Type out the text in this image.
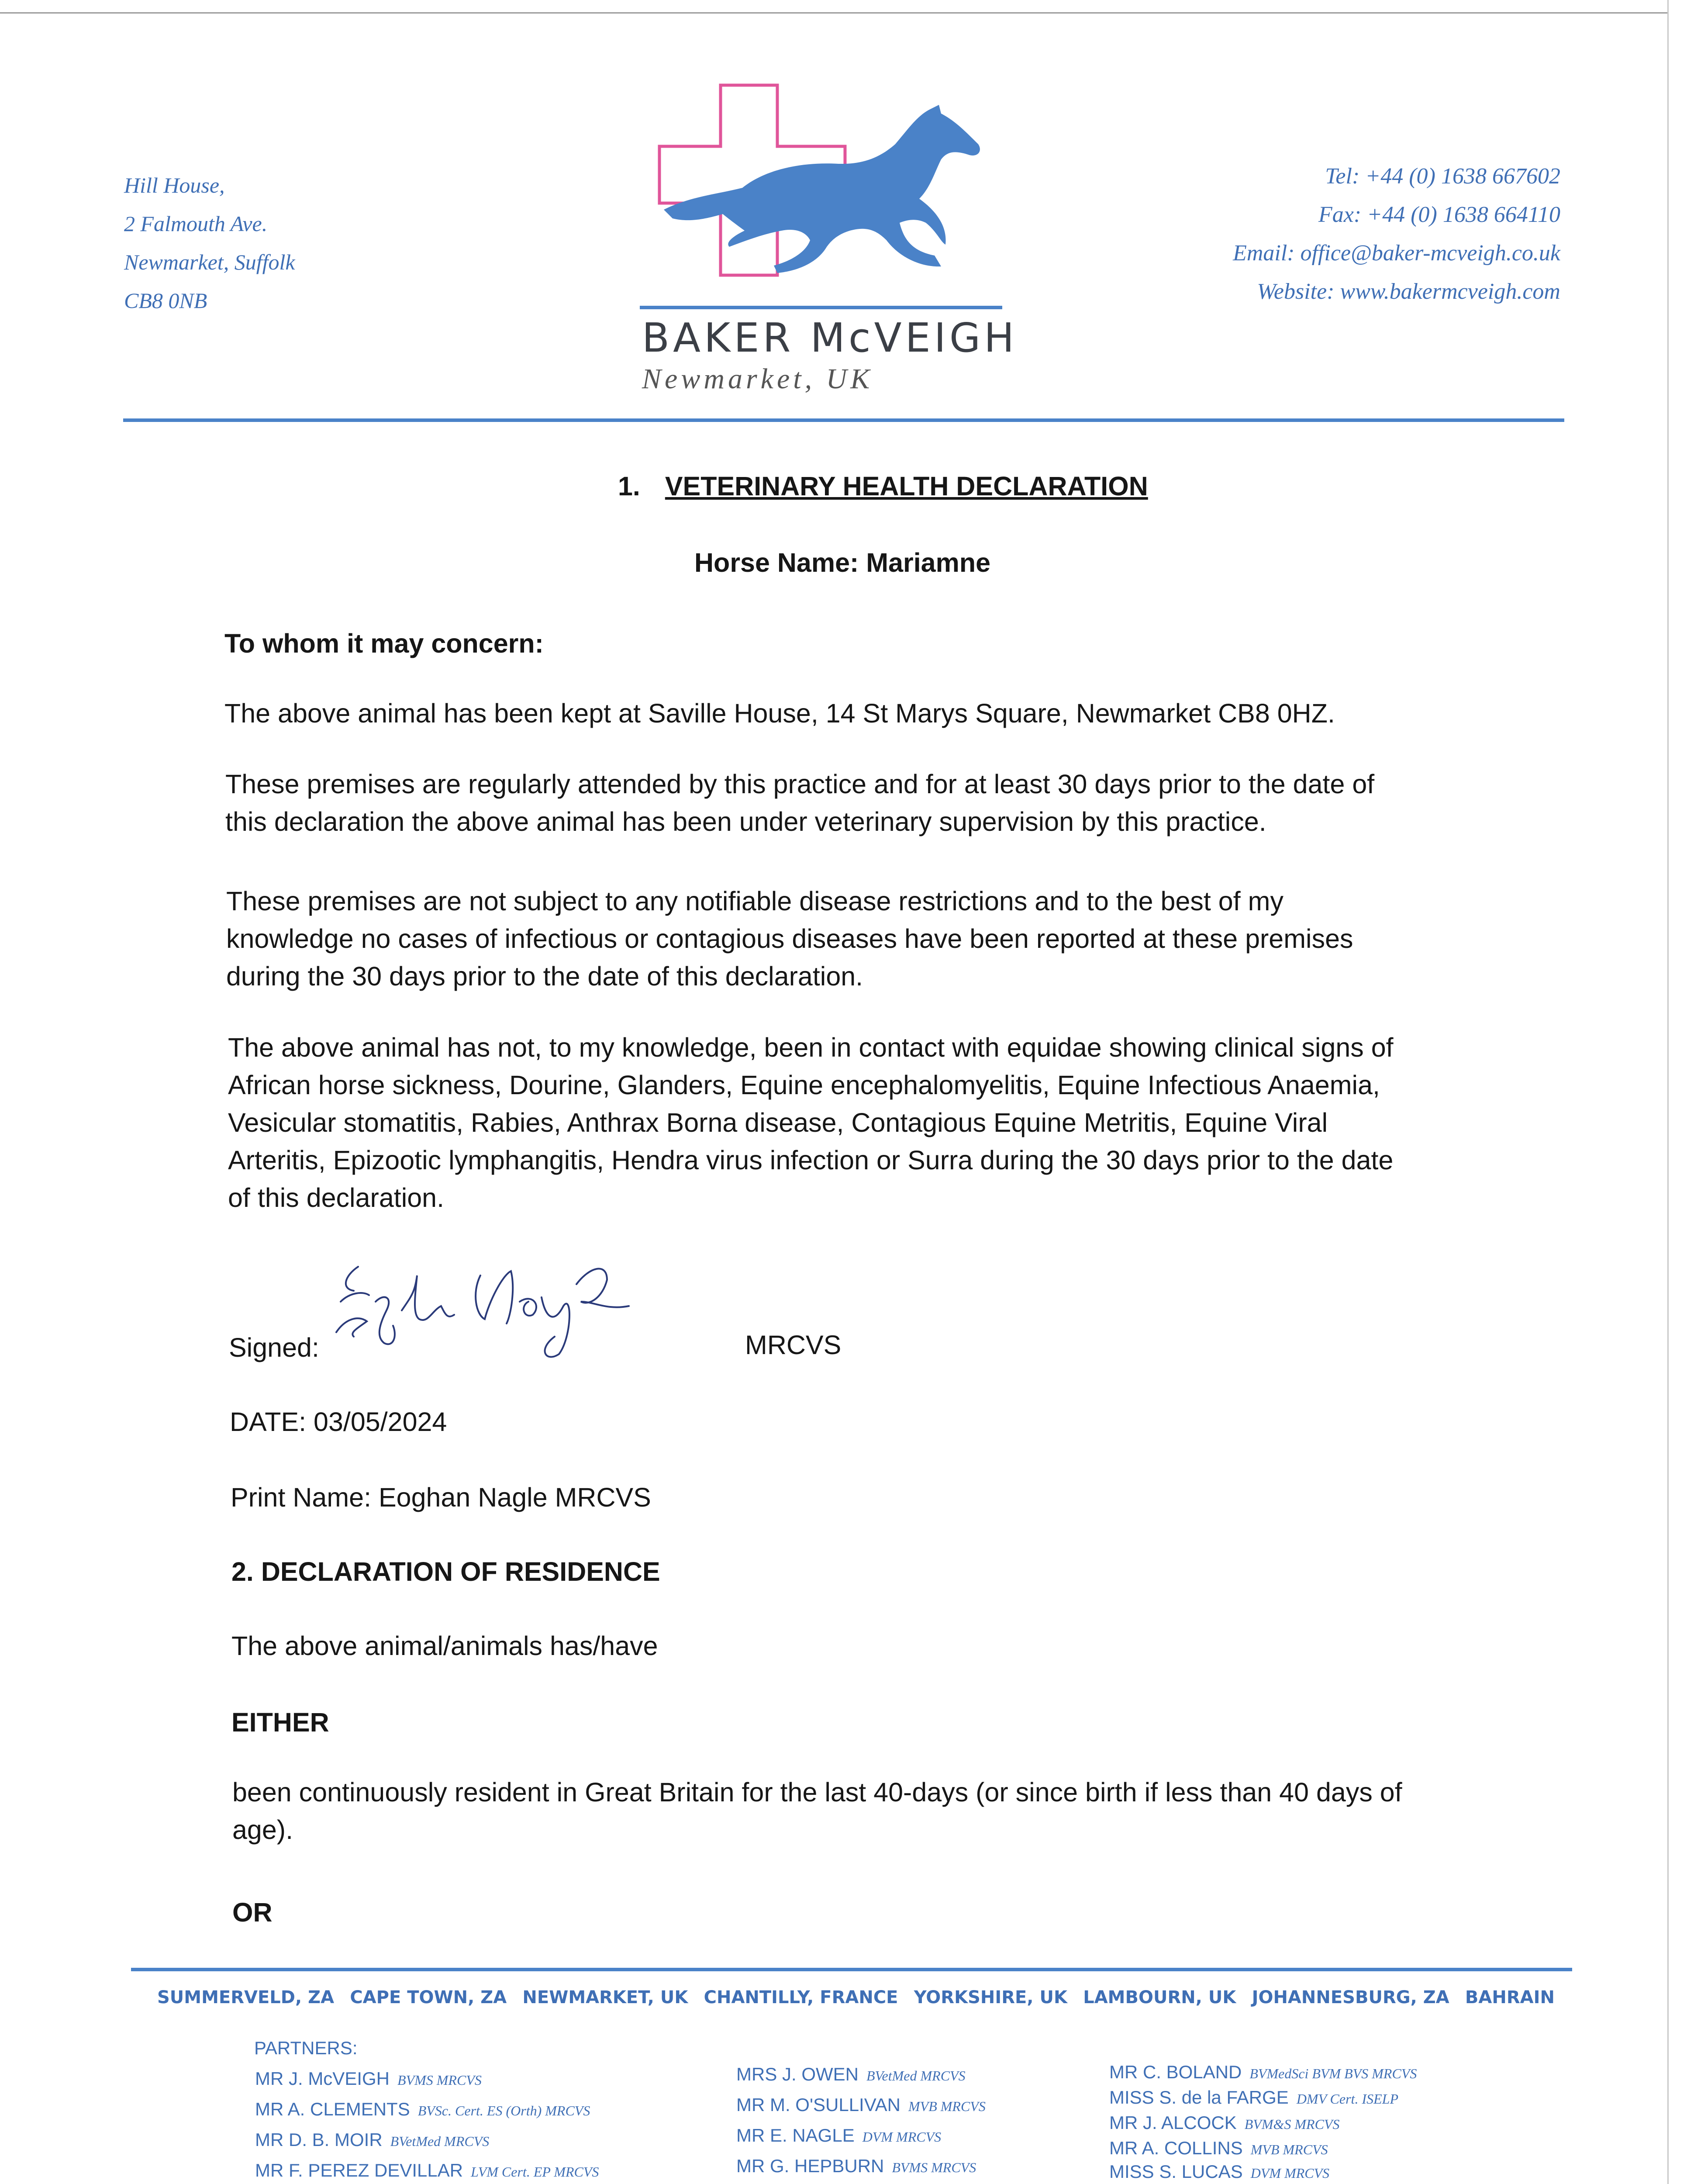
Hill House,
2 Falmouth Ave.
Newmarket, Suffolk
CB8 0NB
BAKER McVEIGH
Newmarket, UK
Tel: +44 (0) 1638 667602
Fax: +44 (0) 1638 664110
Email: office@baker-mcveigh.co.uk
Website: www.bakermcveigh.com
1. VETERINARY HEALTH DECLARATION
Horse Name: Mariamne
To whom it may concern:
The above animal has been kept at Saville House, 14 St Marys Square, Newmarket CB8 0HZ.
These premises are regularly attended by this practice and for at least 30 days prior to the date of
this declaration the above animal has been under veterinary supervision by this practice.
These premises are not subject to any notifiable disease restrictions and to the best of my
knowledge no cases of infectious or contagious diseases have been reported at these premises
during the 30 days prior to the date of this declaration.
The above animal has not, to my knowledge, been in contact with equidae showing clinical signs of
African horse sickness, Dourine, Glanders, Equine encephalomyelitis, Equine Infectious Anaemia,
Vesicular stomatitis, Rabies, Anthrax Borna disease, Contagious Equine Metritis, Equine Viral
Arteritis, Epizootic lymphangitis, Hendra virus infection or Surra during the 30 days prior to the date
of this declaration.
Signed:	MRCVS
DATE: 03/05/2024
Print Name: Eoghan Nagle MRCVS
2. DECLARATION OF RESIDENCE
The above animal/animals has/have
EITHER
been continuously resident in Great Britain for the last 40-days (or since birth if less than 40 days of
age).
OR
SUMMERVELD, ZA CAPE TOWN, ZA NEWMARKET, UK CHANTILLY, FRANCE YORKSHIRE, UK LAMBOURN, UK JOHANNESBURG, ZA BAHRAIN
PARTNERS:
MR J. McVEIGH BVMS MRCVS
MR A. CLEMENTS BVSc. Cert. ES (Orth) MRCVS
MR D. B. MOIR BVetMed MRCVS
MR F. PEREZ DEVILLAR LVM Cert. EP MRCVS
MRS J. OWEN BVetMed MRCVS
MR M. O'SULLIVAN MVB MRCVS
MR E. NAGLE DVM MRCVS
MR G. HEPBURN BVMS MRCVS
MR C. BOLAND BVMedSci BVM BVS MRCVS
MISS S. de la FARGE DMV Cert. ISELP
MR J. ALCOCK BVM&S MRCVS
MR A. COLLINS MVB MRCVS
MISS S. LUCAS DVM MRCVS
